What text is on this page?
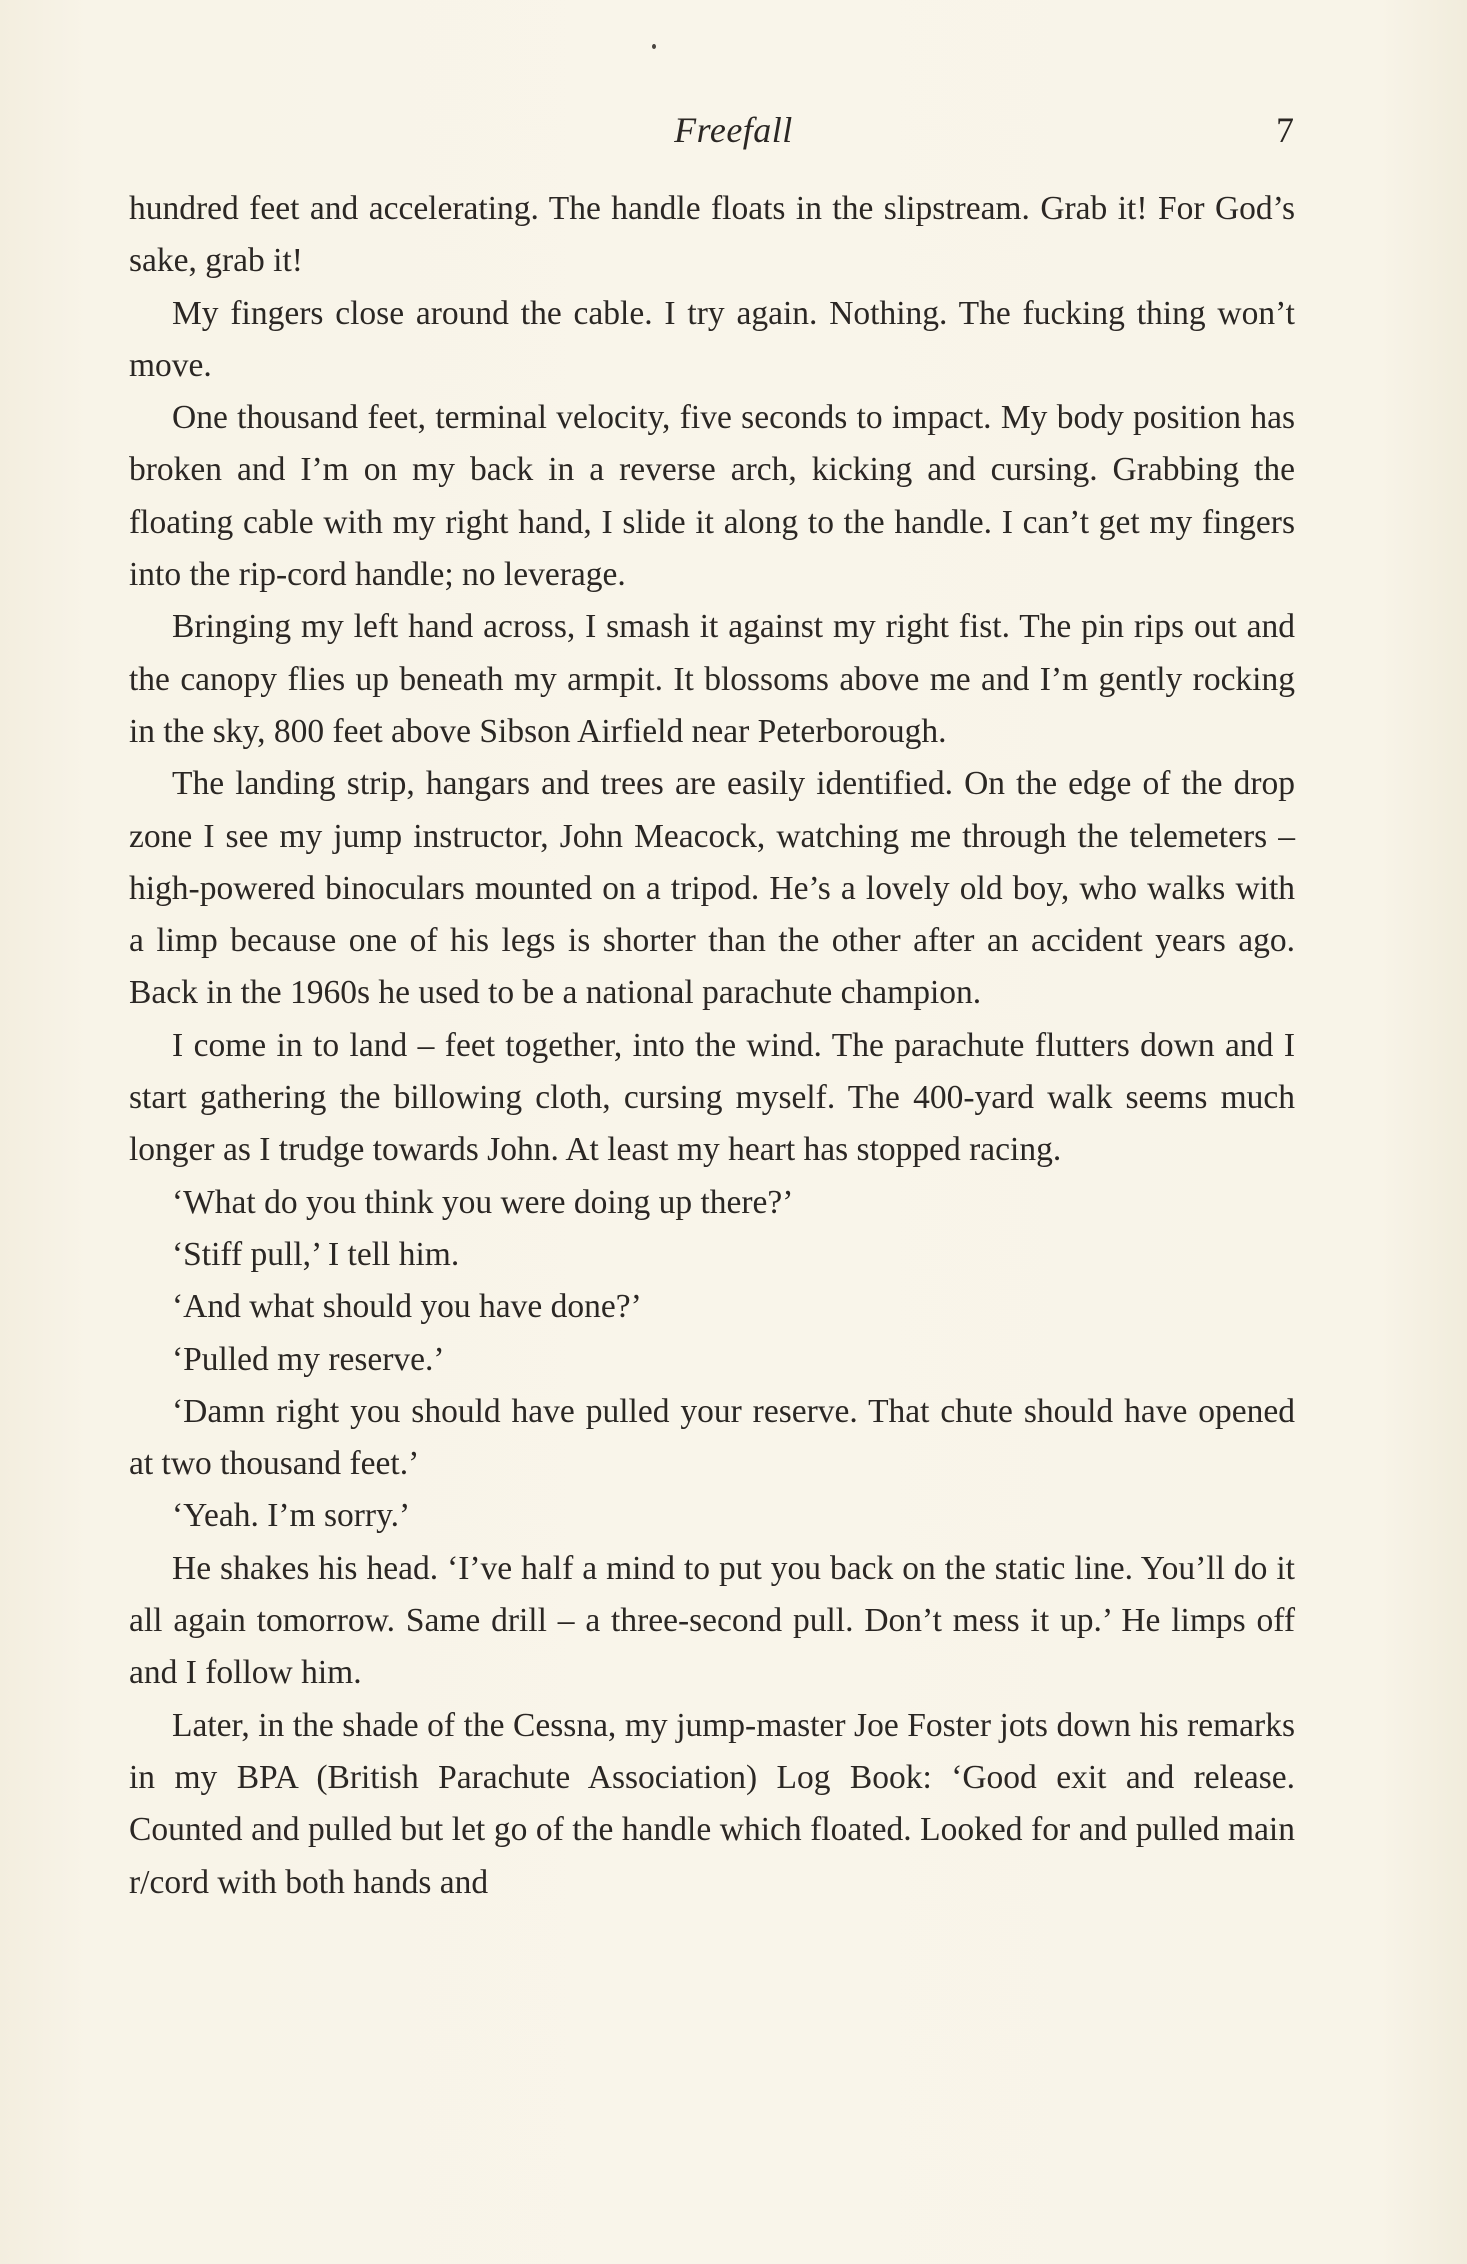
Freefall	7

hundred feet and accelerating. The handle floats in the slipstream. Grab it! For God’s sake, grab it!

My fingers close around the cable. I try again. Nothing. The fucking thing won’t move.

One thousand feet, terminal velocity, five seconds to impact. My body position has broken and I’m on my back in a reverse arch, kicking and cursing. Grabbing the floating cable with my right hand, I slide it along to the handle. I can’t get my fingers into the rip-cord handle; no leverage.

Bringing my left hand across, I smash it against my right fist. The pin rips out and the canopy flies up beneath my armpit. It blossoms above me and I’m gently rocking in the sky, 800 feet above Sibson Airfield near Peterborough.

The landing strip, hangars and trees are easily identified. On the edge of the drop zone I see my jump instructor, John Meacock, watching me through the telemeters – high-powered binoculars mounted on a tripod. He’s a lovely old boy, who walks with a limp because one of his legs is shorter than the other after an accident years ago. Back in the 1960s he used to be a national parachute champion.

I come in to land – feet together, into the wind. The parachute flutters down and I start gathering the billowing cloth, cursing myself. The 400-yard walk seems much longer as I trudge towards John. At least my heart has stopped racing.

‘What do you think you were doing up there?’

‘Stiff pull,’ I tell him.

‘And what should you have done?’

‘Pulled my reserve.’

‘Damn right you should have pulled your reserve. That chute should have opened at two thousand feet.’

‘Yeah. I’m sorry.’

He shakes his head. ‘I’ve half a mind to put you back on the static line. You’ll do it all again tomorrow. Same drill – a three-second pull. Don’t mess it up.’ He limps off and I follow him.

Later, in the shade of the Cessna, my jump-master Joe Foster jots down his remarks in my BPA (British Parachute Association) Log Book: ‘Good exit and release. Counted and pulled but let go of the handle which floated. Looked for and pulled main r/cord with both hands and
